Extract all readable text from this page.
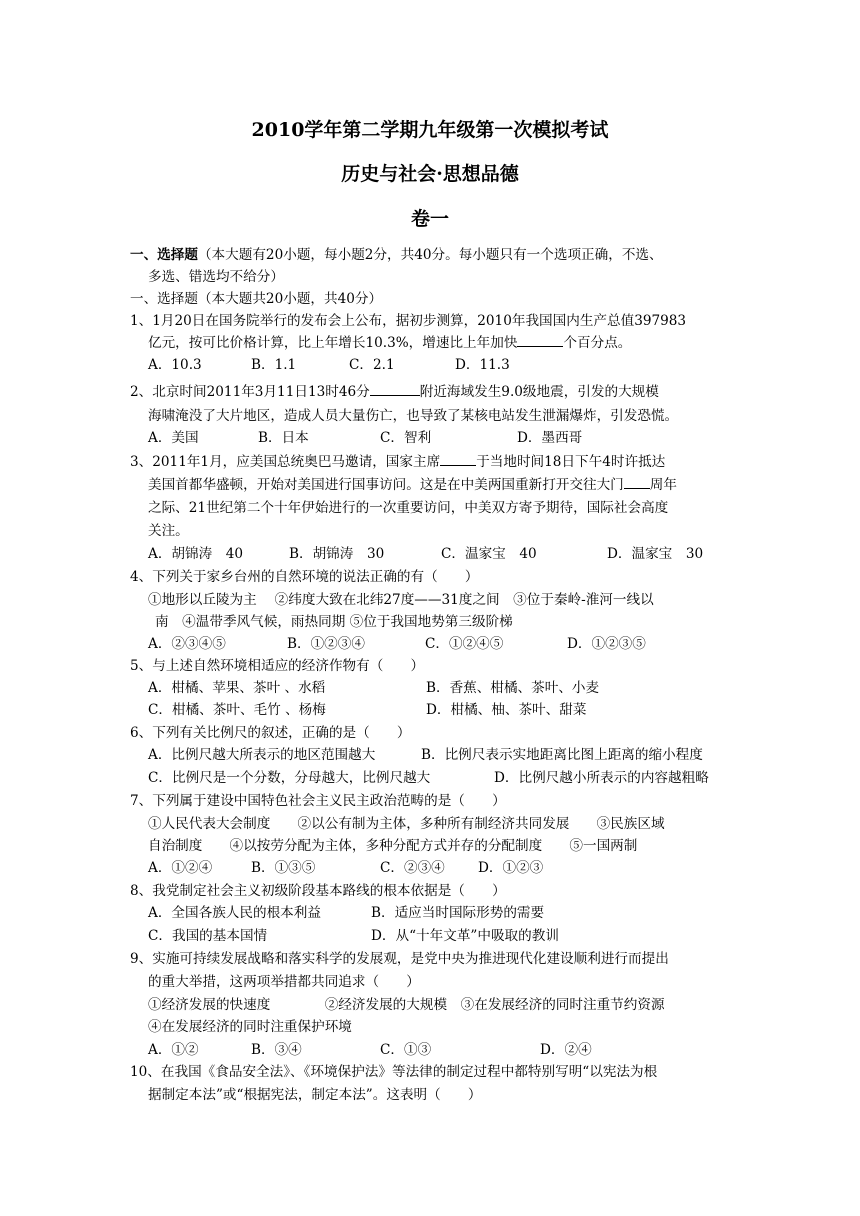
2010学年第二学期九年级第一次模拟考试
历史与社会·思想品德
卷一
一、选择题（本大题有20小题，每小题2分，共40分。每小题只有一个选项正确，不选、
多选、错选均不给分）
一、选择题（本大题共20小题，共40分）
1、1月20日在国务院举行的发布会上公布，据初步测算，2010年我国国内生产总值397983
亿元，按可比价格计算，比上年增长10.3%，增速比上年加快	个百分点。
A．10.3	B．1.1	C．2.1	D．11.3
2、北京时间2011年3月11日13时46分	附近海域发生9.0级地震，引发的大规模
海啸淹没了大片地区，造成人员大量伤亡，也导致了某核电站发生泄漏爆炸，引发恐慌。
A．美国	B．日本	C．智利	D．墨西哥
3、2011年1月，应美国总统奥巴马邀请，国家主席	于当地时间18日下午4时许抵达
美国首都华盛顿，开始对美国进行国事访问。这是在中美两国重新打开交往大门 周年
之际、21世纪第二个十年伊始进行的一次重要访问，中美双方寄予期待，国际社会高度
关注。
A．胡锦涛　40	B．胡锦涛　30	C．温家宝　40	D．温家宝　30
4、下列关于家乡台州的自然环境的说法正确的有（　　）
①地形以丘陵为主　 ②纬度大致在北纬27度——31度之间　③位于秦岭-淮河一线以
南　④温带季风气候，雨热同期 ⑤位于我国地势第三级阶梯
A．②③④⑤	B．①②③④	C．①②④⑤	D．①②③⑤
5、与上述自然环境相适应的经济作物有（　　）
A．柑橘、苹果、茶叶 、水稻	B．香蕉、柑橘、茶叶、小麦
C．柑橘、茶叶、毛竹 、杨梅	D．柑橘、柚、茶叶、甜菜
6、下列有关比例尺的叙述，正确的是（　　）
A．比例尺越大所表示的地区范围越大	B．比例尺表示实地距离比图上距离的缩小程度
C．比例尺是一个分数，分母越大，比例尺越大	D．比例尺越小所表示的内容越粗略
7、下列属于建设中国特色社会主义民主政治范畴的是（　　）
①人民代表大会制度　　②以公有制为主体，多种所有制经济共同发展　　③民族区域
自治制度　　④以按劳分配为主体，多种分配方式并存的分配制度　　⑤一国两制
A．①②④	B．①③⑤	C．②③④ D．①②③
8、我党制定社会主义初级阶段基本路线的根本依据是（　　）
A．全国各族人民的根本利益	B．适应当时国际形势的需要
C．我国的基本国情	D．从“十年文革”中吸取的教训
9、实施可持续发展战略和落实科学的发展观，是党中央为推进现代化建设顺利进行而提出
的重大举措，这两项举措都共同追求（　　）
①经济发展的快速度　　　　②经济发展的大规模　③在发展经济的同时注重节约资源
④在发展经济的同时注重保护环境
A．①②	B．③④	C．①③	D．②④
10、在我国《食品安全法》、《环境保护法》等法律的制定过程中都特别写明“以宪法为根
据制定本法”或“根据宪法，制定本法”。这表明（　　）
